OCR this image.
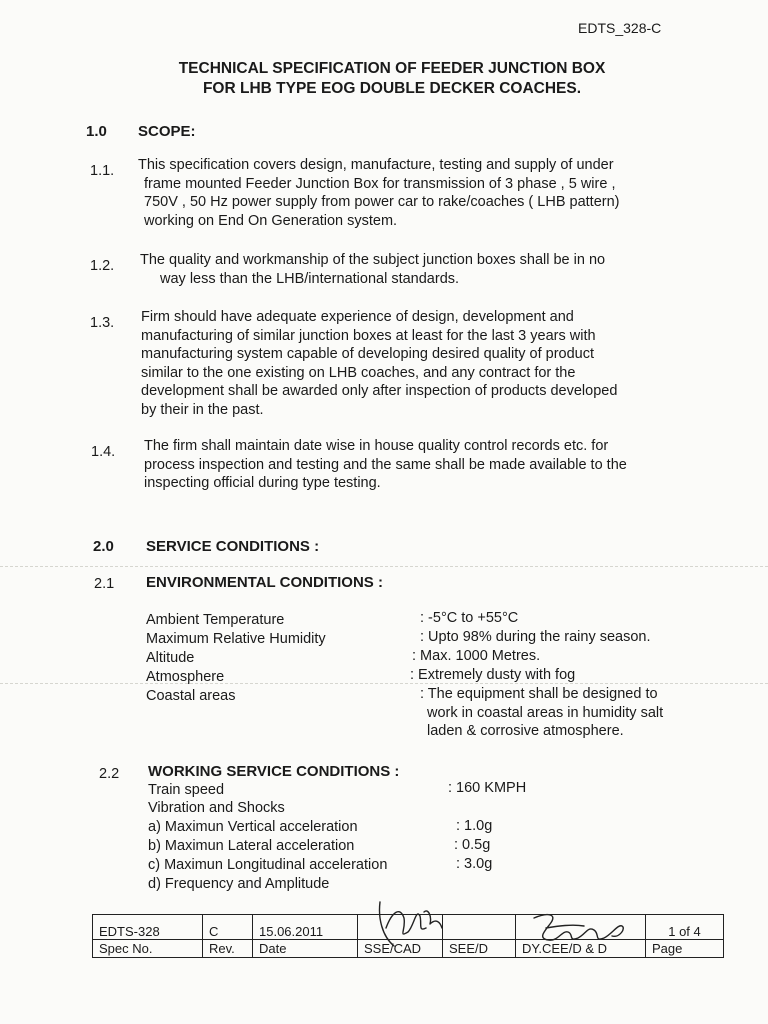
EDTS_328-C
TECHNICAL SPECIFICATION OF FEEDER JUNCTION BOX
FOR LHB TYPE EOG DOUBLE DECKER COACHES.
1.0 SCOPE:
1.1. This specification covers design, manufacture, testing and supply of under
frame mounted Feeder Junction Box for transmission of 3 phase , 5 wire ,
750V , 50 Hz power supply from power car to rake/coaches ( LHB pattern)
working on End On Generation system.
1.2. The quality and workmanship of the subject junction boxes shall be in no
way less than the LHB/international standards.
1.3. Firm should have adequate experience of design, development and
manufacturing of similar junction boxes at least for the last 3 years with
manufacturing system capable of developing desired quality of product
similar to the one existing on LHB coaches, and any contract for the
development shall be awarded only after inspection of products developed
by their in the past.
1.4. The firm shall maintain date wise in house quality control records etc. for
process inspection and testing and the same shall be made available to the
inspecting official during type testing.
2.0 SERVICE CONDITIONS :
2.1 ENVIRONMENTAL CONDITIONS :
Ambient Temperature	: -5°C to +55°C
Maximum Relative Humidity	: Upto 98% during the rainy season.
Altitude	: Max. 1000 Metres.
Atmosphere	: Extremely dusty with fog
Coastal areas	: The equipment shall be designed to
work in coastal areas in humidity salt
laden & corrosive atmosphere.
2.2 WORKING SERVICE CONDITIONS :
Train speed	: 160 KMPH
Vibration and Shocks
a) Maximun Vertical acceleration	: 1.0g
b) Maximun Lateral acceleration	: 0.5g
c) Maximun Longitudinal acceleration	: 3.0g
d) Frequency and Amplitude
EDTS-328	C	15.06.2011				1 of 4
Spec No.	Rev.	Date	SSE/CAD	SEE/D	DY.CEE/D & D	Page
